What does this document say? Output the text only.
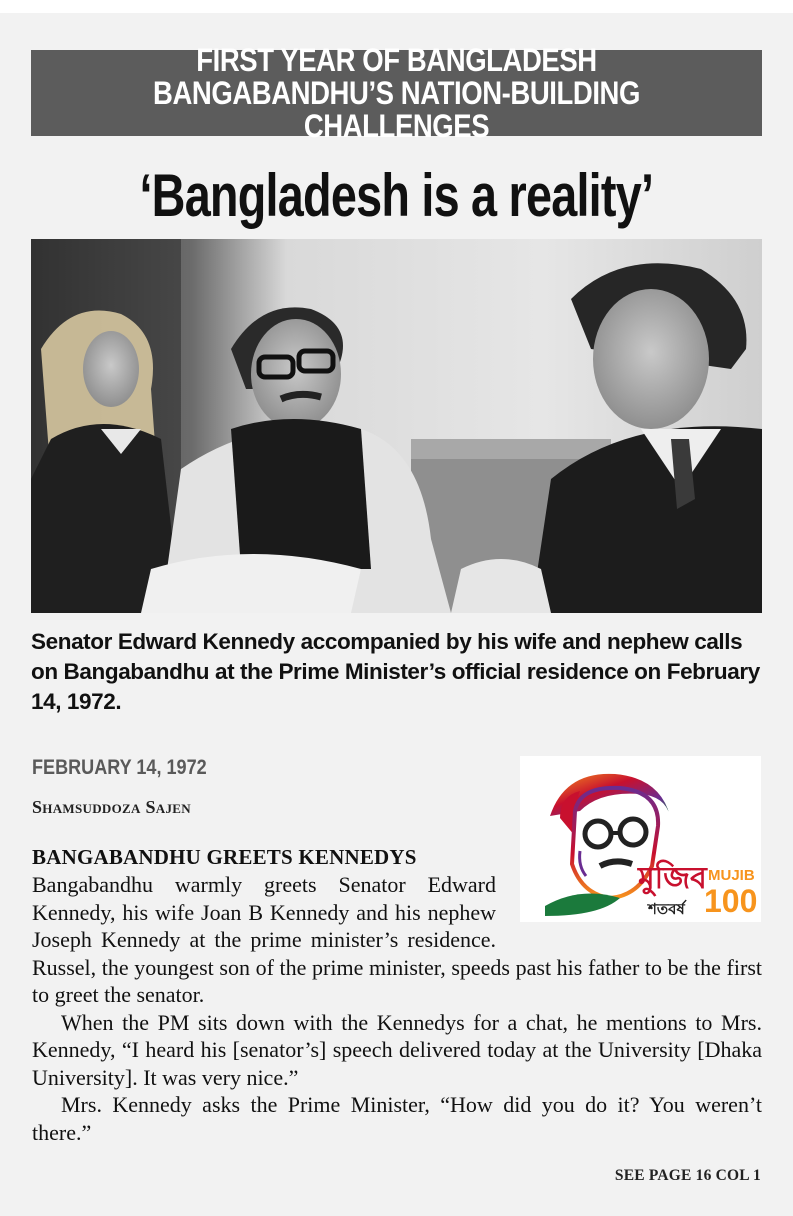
FIRST YEAR OF BANGLADESH
BANGABANDHU’S NATION-BUILDING CHALLENGES
‘Bangladesh is a reality’
Senator Edward Kennedy accompanied by his wife and nephew calls on Bangabandhu at the Prime Minister’s official residence on February 14, 1972.
FEBRUARY 14, 1972
Shamsuddoza Sajen
মুজিব
শতবর্ষ
MUJIB
100
BANGABANDHU GREETS KENNEDYS

Bangabandhu warmly greets Senator Edward Kennedy, his wife Joan B Kennedy and his nephew Joseph Kennedy at the prime minister’s residence. Russel, the youngest son of the prime minister, speeds past his father to be the first to greet the senator.

When the PM sits down with the Kennedys for a chat, he mentions to Mrs. Kennedy, “I heard his [senator’s] speech delivered today at the University [Dhaka University]. It was very nice.”

Mrs. Kennedy asks the Prime Minister, “How did you do it? You weren’t there.”

SEE PAGE 16 COL 1
